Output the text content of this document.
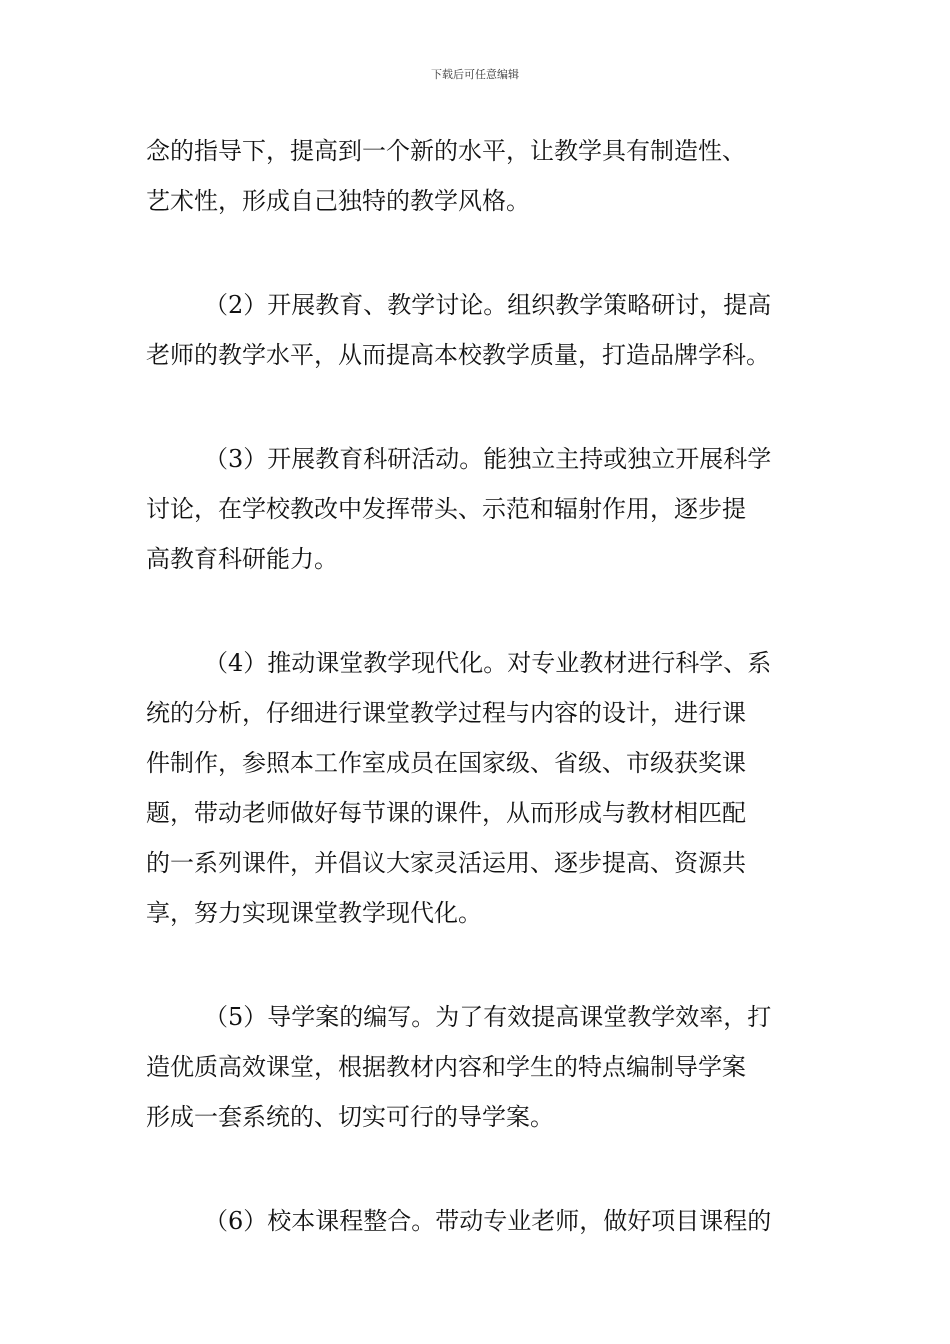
下载后可任意编辑
念的指导下，提高到一个新的水平，让教学具有制造性、
艺术性，形成自己独特的教学风格。
（2）开展教育、教学讨论。组织教学策略研讨，提高
老师的教学水平，从而提高本校教学质量，打造品牌学科。
（3）开展教育科研活动。能独立主持或独立开展科学
讨论，在学校教改中发挥带头、示范和辐射作用，逐步提
高教育科研能力。
（4）推动课堂教学现代化。对专业教材进行科学、系
统的分析，仔细进行课堂教学过程与内容的设计，进行课
件制作，参照本工作室成员在国家级、省级、市级获奖课
题，带动老师做好每节课的课件，从而形成与教材相匹配
的一系列课件，并倡议大家灵活运用、逐步提高、资源共
享，努力实现课堂教学现代化。
（5）导学案的编写。为了有效提高课堂教学效率，打
造优质高效课堂，根据教材内容和学生的特点编制导学案
形成一套系统的、切实可行的导学案。
（6）校本课程整合。带动专业老师，做好项目课程的
